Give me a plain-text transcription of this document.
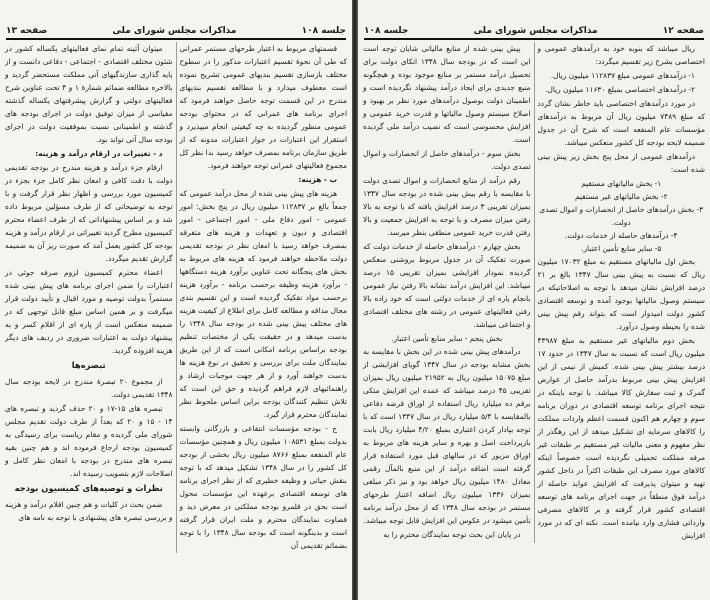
جلسه ۱۰۸
مذاکرات مجلس شورای ملی
صفحه ۱۳

قسمتهای مربوط به اعتبار طرحهای مستمر عمرانی که طی آن نحوهٔ تقسیم اعتبارات مذکور را در سطوح مختلف بازسازی تقسیم بندیهای عمومی تشریح نموده است معطوف میدارد و با مطالعه تقسیم بندیهای مندرج در این قسمت توجه حاصل خواهند فرمود که اجرای برنامه های عمرانی که در محتوای بودجه عمومی منظور گردیده به چه کیفیتی انجام میپذیرد و استقرار این اعتبارات در جوار اعتبارات مدونه که از طریق سازمان برنامه بمصرف خواهد رسید بدا نظر کل مجموع فعالیتهای عمرانی توجه خواهند فرمود.

ب - هزینه:

هزینه های پیش بینی شده از محل درآمد عمومی که جمعاً بالغ بر ۱۱۲۸۳۷ میلیون ریال در پنج بخش: امور عمومی - امور دفاع ملی - امور اجتماعی - امور اقتصادی و دیون و تعهدات و هزینه های متفرقه بمصرف خواهد رسید با امعان نظر در بودجه تقدیمی دولت ملاحظه خواهند فرمود که هزینه های مربوط به بخش های پنجگانه تحت عناوین برآورد هزینه دستگاهها - برآورد هزینه وظیفه برحسب برنامه - برآورد هزینه برحسب مواد تفکیک گردیده است و این تقسیم بندی مجال مداقه و مطالعه کامل برای اطلاع از کیفیت هزینه های مختلف پیش بینی شده در بودجه سال ۱۳۴۸ را بدست میدهد و در حقیقت یکی از مختصات تنظیم بودجه براساس برنامه امکانی است که از این طریق نمایندگان ملت برای بررسی و تحقیق در نوع هزینه ها بدست خواهند آورد و از هر جهت موجبات ارشاد و راهنمائیهای لازم فراهم گردیده و حق این است که تلاش تنظیم کنندگان بودجه براین اساس ملحوظ نظر نمایندگان محترم قرار گیرد.

ج - بودجه مؤسسات انتفاعی و بازرگانی وابسته بدولت بمبلغ ۱۰۸۵۳۱ میلیون ریال و همچنین مؤسسات عام المنفعه بمبلغ ۸۷۶۶ میلیون ریال بخشی از بودجه کل کشور را در سال ۱۳۴۸ تشکیل میدهد که با توجه بنقش حیاتی و وظیفه خطیری که از نظر اجرای برنامه های توسعه اقتصادی برعهده این مؤسسات محول است بحق در قلمرو بودجه مملکتی در معرض دید و قضاوت نمایندگان محترم و ملت ایران قرار گرفته است و بدینگونه است که بودجه سال ۱۳۴۸ را با توجه بضمائم تقدیمی آن

میتوان آئینه تمام نمای فعالیتهای یکساله کشور در شئون مختلف اقتصادی - اجتماعی - دفاعی دانست و از پایه گذاری سازندگیهای آتی مملکت مستحضر گردید و بالاخره مطالعه ضمائم شمارهٔ ۱ و ۴ تحت عناوین شرح فعالیتهای دولتی و گزارش پیشرفتهای یکساله گذشته مقیاسی از میزان توفیق دولت در اجرای بودجه های گذشته و اطمینانی نسبت بموفقیت دولت در اجرای بودجه سال آتی تواند بود.

د - تغییرات در ارقام درآمد و هزینه:

ارقام جزء درآمد و هزینه مندرج در بودجه تقدیمی دولت با دقت کافی و امعان نظر کامل جزء بجزء در کمیسیون مورد بررسی و اظهار نظر قرار گرفت و با توجه به توضیحاتی که از طرف مسؤلین مربوط داده شد و بر اساس پیشنهاداتی که از طرف اعضاء محترم کمیسیون مطرح گردید تغییراتی در ارقام درآمد و هزینه بودجه کل کشور بعمل آمد که صورت ریز آن به ضمیمه گزارش تقدیم میگردد.

اعضاء محترم کمیسیون لزوم صرفه جوئی در اعتبارات را ضمن اجرای برنامه های پیش بینی شده مستمراً بدولت توصیه و مورد اقبال و تأیید دولت قرار میگرفت و بر همین اساس مبلغ قابل توجهی که در ضمیمه منعکس است از پاره ای از اقلام کسر و به پیشنهاد دولت به اعتبارات ضروری در ردیف های دیگر هزینه افزوده گردید.

تبصره‌ها

از مجموع ۲۰ تبصرهٔ مندرج در لایحه بودجه سال ۱۳۴۸ تقدیمی دولت.

تبصره های ۱۵-۱۷ و ۲۰ حذف گردید و تبصره های ۱۴ - ۱۵ و ۲۰ که بعداً از طرف دولت تقدیم مجلس شورای ملی گردیده و مقام ریاست برای رسیدگی به کمیسیون بودجه ارجاع فرموده اند و هم چنین بقیه تبصره های مندرج در بودجه با امعان نظر کامل و اصلاحات لازم بتصویب رسیده اند.

نظرات و توصیه‌های کمیسیون بودجه

ضمن بحث در کلیات و هم چنین اقلام درآمد و هزینه و بررسی تبصره های پیشنهادی با توجه به نامه های

صفحه ۱۲
مذاکرات مجلس شورای ملی
جلسه ۱۰۸

ریال میباشد که بنوبه خود به درآمدهای عمومی و اختصاصی بشرح زیر تقسیم میگردد:

۱- درآمدهای عمومی مبلغ ۱۱۲۸۳۷ میلیون ریال.

۲- درآمدهای اختصاصی بمبلغ ۱۱۶۳۰ میلیون ریال.

در مورد درآمدهای اختصاصی باید خاطر نشان گردد که مبلغ ۷۴۸۹ میلیون ریال آن مربوط به درآمدهای مؤسسات عام المنفعه است که شرح آن در جدول ضمیمه لایحه بودجه کل کشور منعکس میباشد.

درآمدهای عمومی از محل پنج بخش زیر پیش بینی شده است:

۱- بخش مالیاتهای مستقیم

۲- بخش مالیاتهای غیر مستقیم

۳- بخش درآمدهای حاصل از انحصارات و اموال تصدی دولت.

۴- درآمدهای حاصله از خدمات دولت.

۵- سایر منابع تأمین اعتبار.

بخش اول مالیاتهای مستقیم به مبلغ ۱۷۰۳۲ میلیون ریال که نسبت به پیش بینی سال ۱۳۴۷ بالغ بر ۲۱ درصد افزایش نشان میدهد با توجه به اصلاحاتیکه در سیستم وصول مالیاتها بوجود آمده و توسعه اقتصادی کشور دولت امیدوار است که بتواند رقم پیش بینی شده را بحیطه وصول درآورد.

بخش دوم مالیاتهای غیر مستقیم به مبلغ ۴۳۹۸۷ میلیون ریال است که نسبت به سال ۱۳۴۷ در حدود ۱۷ درصد بیشتر پیش بینی شده. کمیش از نیمی از این افزایش پیش بینی مربوط بدرآمد حاصل از عوارض گمرک و ثبت سفارش کالا میباشد. با توجه باینکه در نتیجه اجرای برنامه توسعه اقتصادی در دوران برنامه سوم و چهارم هم اکنون قسمت اعظم واردات مملکت را کالاهای سرمایه ای تشکیل میدهد از این رهگذر از نظر مفهوم و معنی مالیات غیر مستقیم بر طبقات غیر مرفه مملکت تحمیلی نگردیده است خصوصاً اینکه کالاهای مورد مصرف این طبقات اکثراً در داخل کشور تهیه و میتوان پذیرفت که افزایش عواید حاصله از درآمد فوق منطقاً در جهت اجرای برنامه های توسعه اقتصادی کشور قرار گرفته و بر کالاهای مصرفی وارداتی فشاری وارد نیامده است. نکته ای که در مورد افزایش

پیش بینی شده از منابع مالیاتی شایان توجه است این است که در بودجه سال ۱۳۴۸ اتکای دولت برای تحصیل درآمد مستمر بر منابع موجود بوده و هیچگونه منبع جدیدی برای ایجاد درآمد پیشنهاد نگردیده است و اطمینان دولت بوصول درآمدهای مورد نظر بر بهبود و اصلاح سیستم وصول مالیاتها و قدرت خرید عمومی و افزایش محسوسی است که نصیب درآمد ملی گردیده است.

بخش سوم - درآمدهای حاصل از انحصارات و اموال تصدی دولت.

رقم درآمد از منابع انحصارات و اموال تصدی دولت با مقایسه با رقم پیش بینی شده در بودجه سال ۱۳۴۷ بمیزان تقریبی ۳ درصد افزایش یافته که با توجه به بالا رفتن میزان مصرف و با توجه به افزایش جمعیت و بالا رفتن قدرت خرید عمومی منطقی بنظر میرسد.

بخش چهارم - درآمدهای حاصله از خدمات دولت که صورت تفکیک آن در جدول مربوط بروشنی منعکس گردیده نمودار افزایشی بمیزان تقریبی ۱۵ درصد میباشد. این افزایش درآمد نشانه بالا رفتن نیاز عمومی بانجام پاره ای از خدمات دولتی است که خود زاده بالا رفتن فعالیتهای عمومی در رشته های مختلف اقتصادی و اجتماعی میباشد.

بخش پنجم - سایر منابع تأمین اعتبار.

درآمدهای پیش بینی شده در این بخش با مقایسه به بخش مشابه بودجه در سال ۱۳۴۷ گویای افزایشی از مبلغ ۱۵۰۷۵ میلیون ریال به ۲۱۹۵۲ میلیون ریال بمیزان تقریبی ۴۵ درصد میباشد که عمده این افزایش متکی برقم ده میلیارد ریال استفاده از اوراق قرضه دفاعی بالمقایسه با ۵/۴ میلیارد ریال در سال ۱۳۴۷ است که با توجه بپادار کردن اعتباری بمبلغ ۴/۲۰ میلیارد ریال بابت بازپرداخت اصل و بهره و سایر هزینه های مربوط به اوراق مزبور که در سالهای قبل مورد استفاده قرار گرفته است اضافه درآمد از این منبع بالمآل رقمی معادل ۱۴۸۰ میلیون ریال خواهد بود و نیز ذکر مبلغی بمیزان ۱۳۳۶ میلیون ریال اضافه اعتبار طرحهای مستمر در بودجه سال ۱۳۴۸ که از محل درآمد برنامه تأمین میشود در عکوس این افزایش قابل توجه میباشد.

در پایان این بحث توجه نمایندگان محترم را به
